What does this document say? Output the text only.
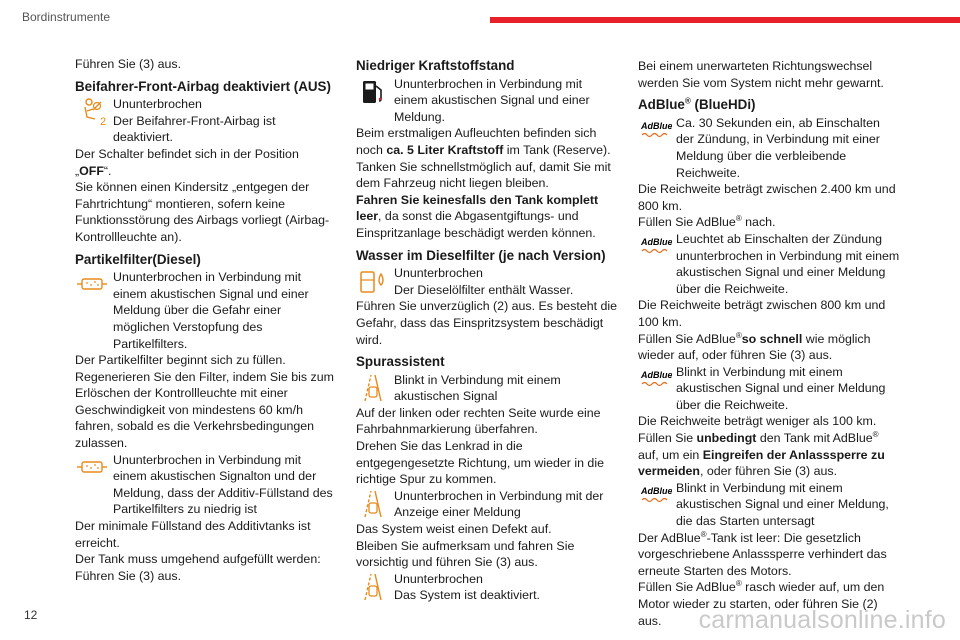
Bordinstrumente

Führen Sie (3) aus.

Beifahrer-Front-Airbag deaktiviert (AUS)

2

Ununterbrochen

Der Beifahrer-Front-Airbag ist deaktiviert.

Der Schalter befindet sich in der Position „OFF“.

Sie können einen Kindersitz „entgegen der Fahrtrichtung“ montieren, sofern keine Funktionsstörung des Airbags vorliegt (Airbag-Kontrollleuchte an).

Partikelfilter(Diesel)

Ununterbrochen in Verbindung mit einem akustischen Signal und einer Meldung über die Gefahr einer möglichen Verstopfung des Partikelfilters.

Der Partikelfilter beginnt sich zu füllen.

Regenerieren Sie den Filter, indem Sie bis zum Erlöschen der Kontrollleuchte mit einer Geschwindigkeit von mindestens 60 km/h fahren, sobald es die Verkehrsbedingungen zulassen.

Ununterbrochen in Verbindung mit einem akustischen Signalton und der Meldung, dass der Additiv-Füllstand des Partikelfilters zu niedrig ist

Der minimale Füllstand des Additivtanks ist erreicht.

Der Tank muss umgehend aufgefüllt werden: Führen Sie (3) aus.

Niedriger Kraftstoffstand

Ununterbrochen in Verbindung mit einem akustischen Signal und einer Meldung.

Beim erstmaligen Aufleuchten befinden sich noch ca. 5 Liter Kraftstoff im Tank (Reserve).

Tanken Sie schnellstmöglich auf, damit Sie mit dem Fahrzeug nicht liegen bleiben.

Fahren Sie keinesfalls den Tank komplett leer, da sonst die Abgasentgiftungs- und Einspritzanlage beschädigt werden können.

Wasser im Dieselfilter (je nach Version)

Ununterbrochen

Der Dieselölfilter enthält Wasser.

Führen Sie unverzüglich (2) aus. Es besteht die Gefahr, dass das Einspritzsystem beschädigt wird.

Spurassistent

Blinkt in Verbindung mit einem akustischen Signal

Auf der linken oder rechten Seite wurde eine Fahrbahnmarkierung überfahren.

Drehen Sie das Lenkrad in die entgegengesetzte Richtung, um wieder in die richtige Spur zu kommen.

Ununterbrochen in Verbindung mit der Anzeige einer Meldung

Das System weist einen Defekt auf.

Bleiben Sie aufmerksam und fahren Sie vorsichtig und führen Sie (3) aus.

Ununterbrochen

Das System ist deaktiviert.

Bei einem unerwarteten Richtungswechsel werden Sie vom System nicht mehr gewarnt.

AdBlue® (BlueHDi)

AdBlue Ca. 30 Sekunden ein, ab Einschalten der Zündung, in Verbindung mit einer Meldung über die verbleibende Reichweite.

Die Reichweite beträgt zwischen 2.400 km und 800 km.

Füllen Sie AdBlue® nach.

AdBlue Leuchtet ab Einschalten der Zündung ununterbrochen in Verbindung mit einem akustischen Signal und einer Meldung über die Reichweite.

Die Reichweite beträgt zwischen 800 km und 100 km.

Füllen Sie AdBlue®so schnell wie möglich wieder auf, oder führen Sie (3) aus.

AdBlue Blinkt in Verbindung mit einem akustischen Signal und einer Meldung über die Reichweite.

Die Reichweite beträgt weniger als 100 km.

Füllen Sie unbedingt den Tank mit AdBlue® auf, um ein Eingreifen der Anlasssperre zu vermeiden, oder führen Sie (3) aus.

AdBlue Blinkt in Verbindung mit einem akustischen Signal und einer Meldung, die das Starten untersagt

Der AdBlue®-Tank ist leer: Die gesetzlich vorgeschriebene Anlasssperre verhindert das erneute Starten des Motors.

Füllen Sie AdBlue® rasch wieder auf, um den Motor wieder zu starten, oder führen Sie (2) aus.

12	carmanualsonline.info
